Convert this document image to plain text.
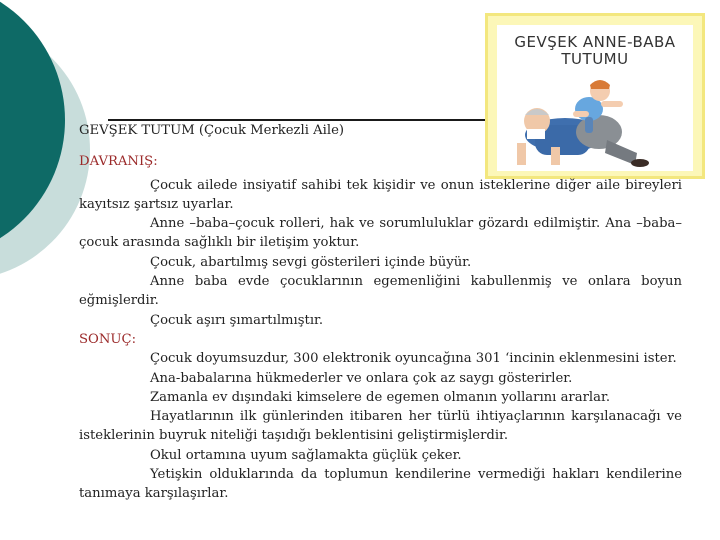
GEVŞEK ANNE-BABA
TUTUMU

GEVŞEK TUTUM (Çocuk Merkezli Aile)

DAVRANIŞ:

Çocuk ailede insiyatif sahibi tek kişidir ve onun isteklerine diğer aile bireyleri kayıtsız şartsız uyarlar.

Anne –baba–çocuk rolleri, hak ve sorumluluklar gözardı edilmiştir. Ana –baba–çocuk arasında sağlıklı bir iletişim yoktur.

Çocuk, abartılmış sevgi gösterileri içinde büyür.

Anne baba evde çocuklarının egemenliğini kabullenmiş ve onlara boyun eğmişlerdir.

Çocuk aşırı şımartılmıştır.

SONUÇ:

Çocuk doyumsuzdur, 300 elektronik oyuncağına 301 ‘incinin eklenmesini ister.

Ana-babalarına hükmederler ve onlara çok az saygı gösterirler.

Zamanla ev dışındaki kimselere de egemen olmanın yollarını ararlar.

Hayatlarının ilk günlerinden itibaren her türlü ihtiyaçlarının karşılanacağı ve isteklerinin buyruk niteliği taşıdığı beklentisini geliştirmişlerdir.

Okul ortamına uyum sağlamakta güçlük çeker.

Yetişkin olduklarında da toplumun kendilerine vermediği hakları kendilerine tanımaya karşılaşırlar.
